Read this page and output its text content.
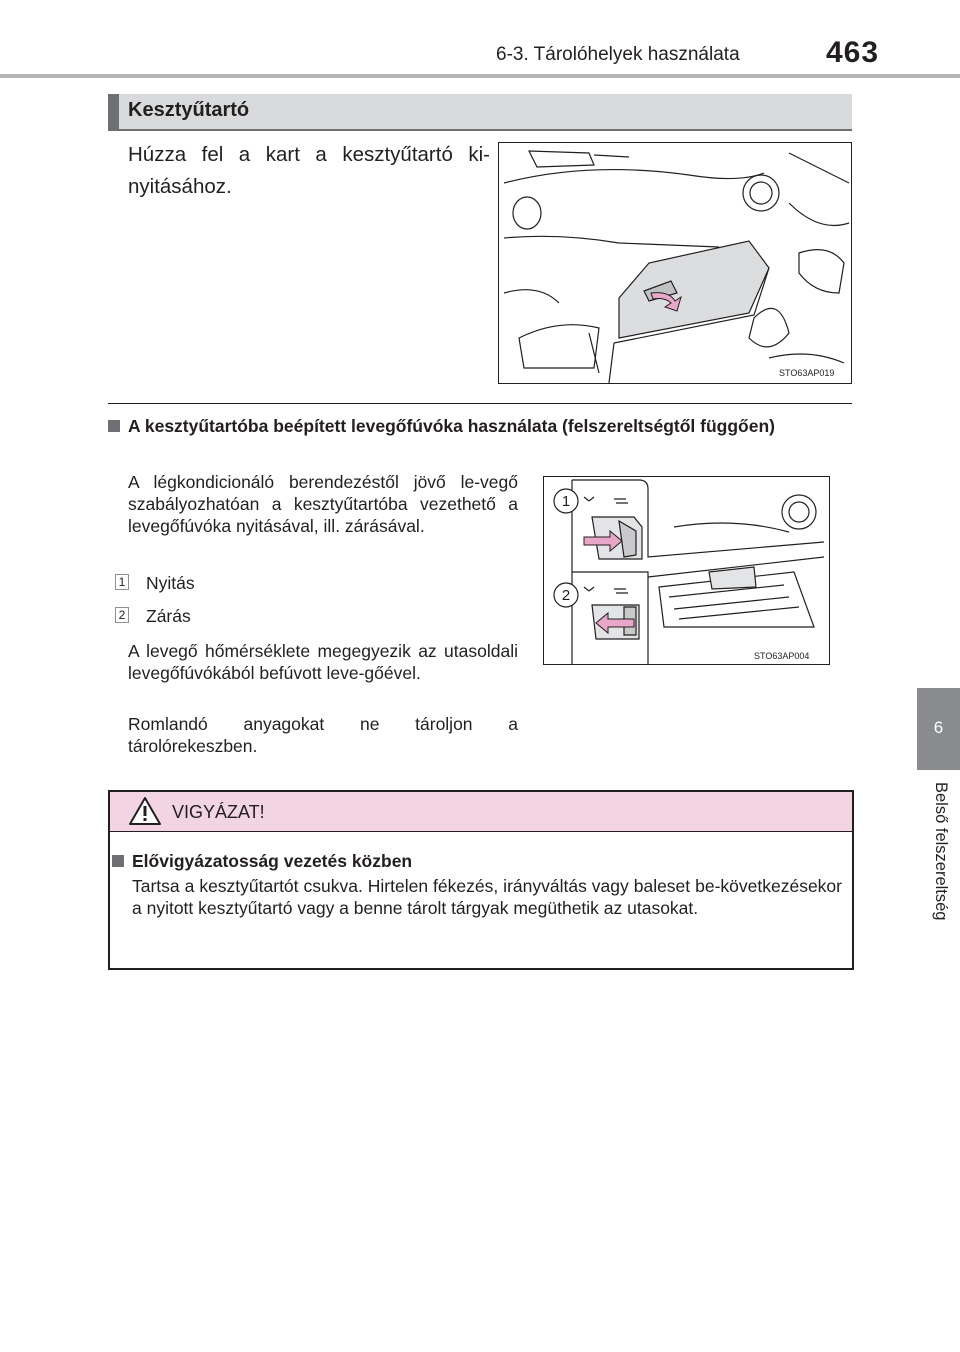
6-3. Tárolóhelyek használata	463
6
Belső felszereltség
Kesztyűtartó
Húzza fel a kart a kesztyűtartó ki-nyitásához.
STO63AP019
A kesztyűtartóba beépített levegőfúvóka használata (felszereltségtől függően)
A légkondicionáló berendezéstől jövő le-vegő szabályozhatóan a kesztyűtartóba vezethető a levegőfúvóka nyitásával, ill. zárásával.
1 Nyitás
2 Zárás
A levegő hőmérséklete megegyezik az utasoldali levegőfúvókából befúvott leve-gőével.
Romlandó anyagokat ne tároljon a tárolórekeszben.
1
2
STO63AP004
VIGYÁZAT!
Elővigyázatosság vezetés közben
Tartsa a kesztyűtartót csukva. Hirtelen fékezés, irányváltás vagy baleset be-következésekor a nyitott kesztyűtartó vagy a benne tárolt tárgyak megüthetik az utasokat.
